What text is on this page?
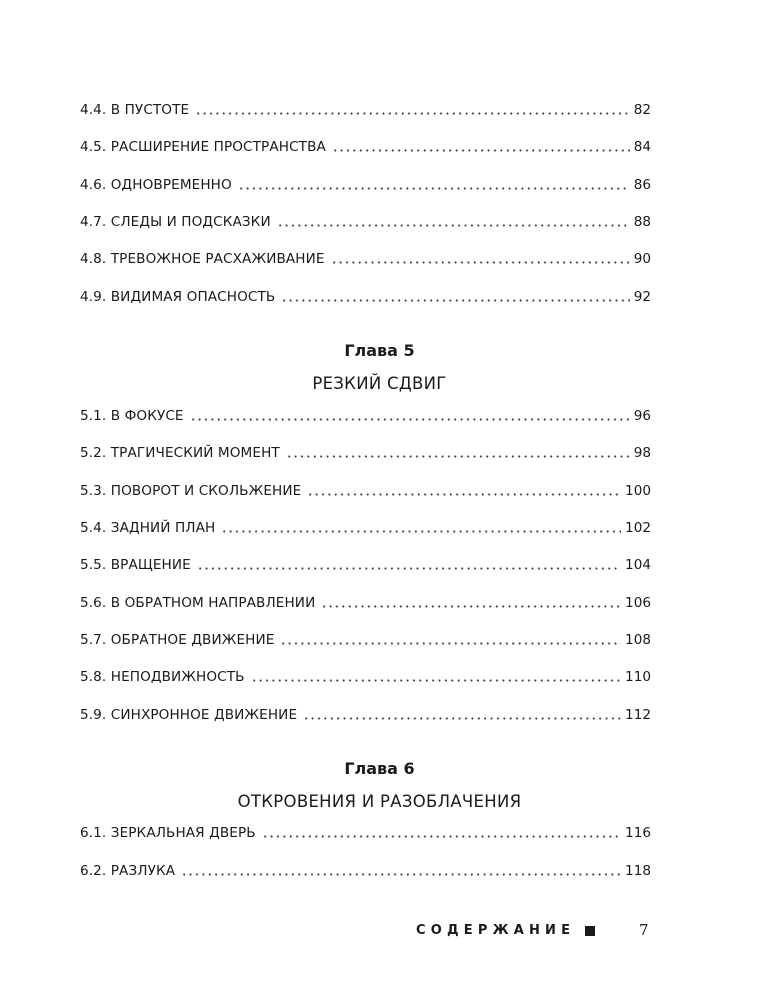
4.4. В ПУСТОТЕ	82
4.5. РАСШИРЕНИЕ ПРОСТРАНСТВА	84
4.6. ОДНОВРЕМЕННО	86
4.7. СЛЕДЫ И ПОДСКАЗКИ	88
4.8. ТРЕВОЖНОЕ РАСХАЖИВАНИЕ	90
4.9. ВИДИМАЯ ОПАСНОСТЬ	92
Глава 5
РЕЗКИЙ СДВИГ
5.1. В ФОКУСЕ	96
5.2. ТРАГИЧЕСКИЙ МОМЕНТ	98
5.3. ПОВОРОТ И СКОЛЬЖЕНИЕ	100
5.4. ЗАДНИЙ ПЛАН	102
5.5. ВРАЩЕНИЕ	104
5.6. В ОБРАТНОМ НАПРАВЛЕНИИ	106
5.7. ОБРАТНОЕ ДВИЖЕНИЕ	108
5.8. НЕПОДВИЖНОСТЬ	110
5.9. СИНХРОННОЕ ДВИЖЕНИЕ	112
Глава 6
ОТКРОВЕНИЯ И РАЗОБЛАЧЕНИЯ
6.1. ЗЕРКАЛЬНАЯ ДВЕРЬ	116
6.2. РАЗЛУКА	118
СОДЕРЖАНИЕ	7
